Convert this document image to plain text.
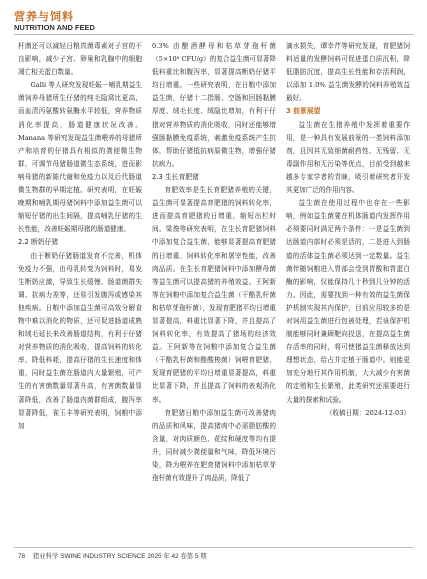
营养与饲料
NUTRITION AND FEED

杆菌还可以减轻日粮真菌毒素对子宫的不良影响，减少子宫、卵巢和乳腺中的细胞凋亡相关蛋白数量。

Galli 等人研究发现妊娠－哺乳期益生菌饲养母猪所生仔猪的纯毛隐窝比更高，而血清丙氨酸转氨酶水平较低，营养物质消化率提高，肠道健康状况改善。Manana 等研究发现益生菌喂养的母猪所产和培育的仔猪具有相似的粪便微生物群，可调节母猪肠道微生态系统，进而影响母猪的新陈代谢和免疫力以及后代肠道微生物群的早期定植。研究表明，在妊娠晚期和哺乳期母猪饲料中添加益生菌可以缩短仔猪的出生间隔，提高哺乳仔猪的生长性能，改善妊娠期母猪的肠道健康。

2.2 断奶仔猪

由于断奶仔猪肠道发育不完善，机体免疫力不强，由母乳转变为饲料时，易发生断奶应激，导致生长缓慢、肠道菌群失调、抗病力差等，还易引发腹泻或感染其他疾病。日粮中添加益生菌可高效分解食物中难以消化的物质，还可促进肠道成熟和绒毛延长来改善肠道结构，有利于仔猪对营养物质的消化吸收，提高饲料的转化率，降低料耗，提高仔猪的生长速度和体重，同时益生菌在肠道内大量繁殖，可产生的有害菌数量显著升高，有害菌数量显著降低，改善了肠道内菌群组成，腹泻率显著降低，雀玉丰等研究表明，饲粮中添加

0.3% 由酿酒酵母和枯草芽孢杆菌（5×10⁸ CFU/g）的复合益生菌可显著降低料重比和腹泻率，显著提高断奶仔猪平均日增重。一些研究表明，在日粮中添加益生菌，仔猪十二指肠、空肠和回肠黏膜厚度、绒毛长度、绒隐比增加，有利于仔猪对营养物质的消化吸收，同时还能够增强肠黏膜免疫系统，刺激免疫系统产生抗体，帮助仔猪抵抗病原微生物，增强仔猪抗病力。

2.3 生长育肥猪

育肥效率是生长育肥猪养殖的关键，益生菌可显著提高育肥猪的饲料转化率，进而提高育肥猪的日增重，缩短出栏时间。梁俊等研究表明，在生长育肥猪饲料中添加复合益生菌，能够显著提高育肥猪的日增重、饲料转化率和屠宰性能，改善肉品质。在生长育肥猪饲料中添加酵母菌等益生菌可以提高猪的养殖效益。王阿新等在饲粮中添加复合益生菌（干酪乳杆菌和枯草芽孢杆菌），发现育肥猪平均日增重显著提高，料重比显著下降，并且提高了饲料转化率，有效提高了猪场的经济效益。王阿新等在饲粮中添加复合益生菌（干酪乳杆菌和酪酸梭菌）饲喂育肥猪，发现育肥猪的平均日增重显著提高，料重比显著下降，并且提高了饲料的表观消化率。

育肥猪日粮中添加益生菌可改善猪肉的品质和风味，提高猪肉中必需脂肪酸的含量，对肉质颜色、花纹和硬度等均有提升，同时减少粪便量和气味，降低环境污染，降为喂养在肥育猪饲料中添加枯草芽孢杆菌有效提升了肉品质，降低了

滴水损失，谭幸芹等研究发现，育肥猪饲料适量的发酵饲料可促进蛋白质沉积，降低脂肪沉度，提高生长性能和存活利润，以添加 1.0% 益生菌发酵的饲料养殖效益最好。

3 前景展望

益生菌在生猪养殖中发挥着重要作用，是一种具有发展前景的一类饲料添加剂，且因其无致细菌耐药性、无残留、无毒副作用和无污染等优点，目前受到越来越多专家学者的青睐，吸引着研究者开发其更加广泛的作用内容。

益生菌在使用过程中也存在一些影响，例如益生菌要在机体肠道内发挥作用必须要同时满足两个条件：一是益生菌到达肠道内部时必须是活的，二是进入到肠道的活体益生菌必须达到一定数量。益生菌伴随饲粮进入胃部会受到胃酸和胃蛋白酶的影响，仅能保持几十秒到几分钟的活力。因此，需要找到一种有效的益生菌保护机制实现其内保护，目前应用较多的是对饲用益生菌进行包被处理，若该保护机制能够同时兼顾靶向投送，在提高益生菌存活率的同时，将可使猪益生菌释放达到理想状态，给占并定植于肠道中。则能更加充分地行其作用机制，大大减少有害菌的定殖和生长繁殖，此类研究还需要进行大量的探索和试验。

（收稿日期：2024-12-03）

78 猪业科学 SWINE INDUSTRY SCIENCE 2025 年 42 卷第 5 期
